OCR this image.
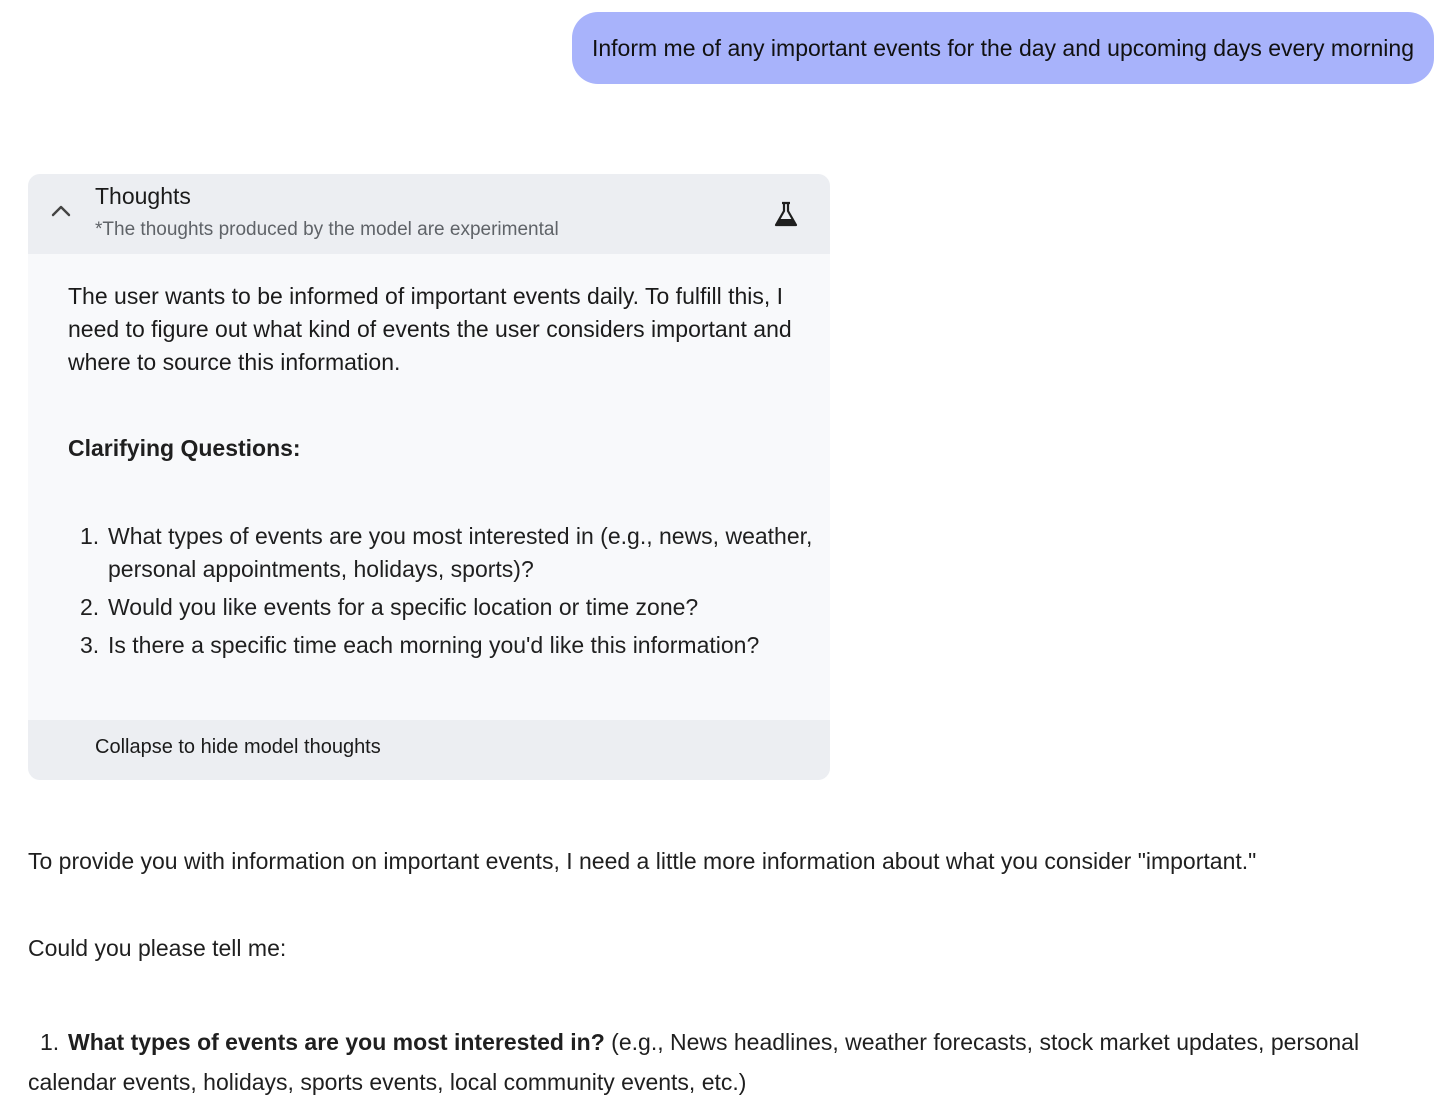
Inform me of any important events for the day and upcoming days every morning
Thoughts
*The thoughts produced by the model are experimental

The user wants to be informed of important events daily. To fulfill this, I need to figure out what kind of events the user considers important and where to source this information.

Clarifying Questions:
1. What types of events are you most interested in (e.g., news, weather, personal appointments, holidays, sports)?
2. Would you like events for a specific location or time zone?
3. Is there a specific time each morning you'd like this information?
Collapse to hide model thoughts
To provide you with information on important events, I need a little more information about what you consider "important."
Could you please tell me:
1. What types of events are you most interested in? (e.g., News headlines, weather forecasts, stock market updates, personal calendar events, holidays, sports events, local community events, etc.)
